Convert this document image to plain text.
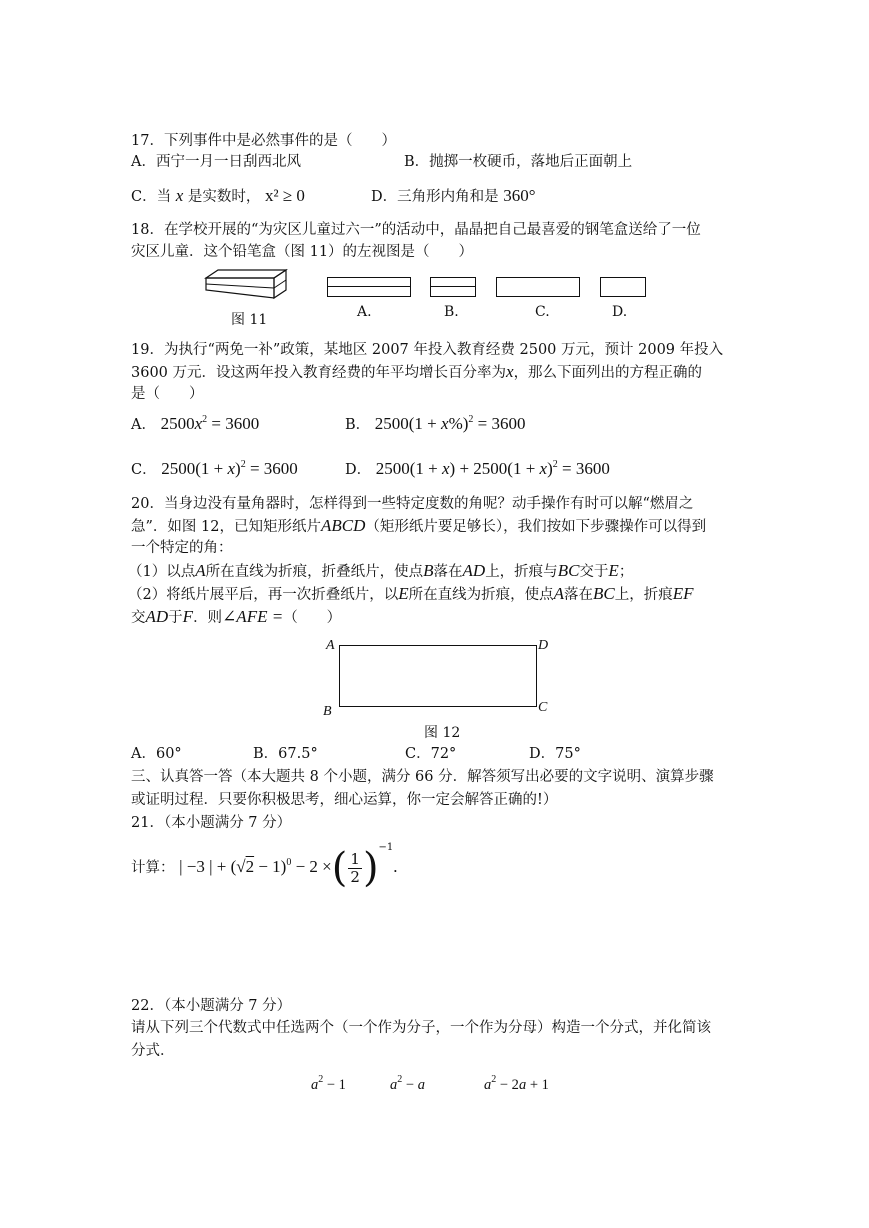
17．下列事件中是必然事件的是（　　）
A．西宁一月一日刮西北风	B．抛掷一枚硬币，落地后正面朝上
C．当 x 是实数时， x² ≥ 0	D．三角形内角和是 360°
18．在学校开展的“为灾区儿童过六一”的活动中，晶晶把自己最喜爱的钢笔盒送给了一位
灾区儿童．这个铅笔盒（图 11）的左视图是（　　）
图 11	A.	B.	C.	D.
19．为执行“两免一补”政策，某地区 2007 年投入教育经费 2500 万元，预计 2009 年投入
3600 万元．设这两年投入教育经费的年平均增长百分率为x，那么下面列出的方程正确的
是（　　）
A． $2500x^2 = 3600$	B． $2500(1 + x\%)^2 = 3600$
C． $2500(1 + x)^2 = 3600$	D． $2500(1 + x) + 2500(1 + x)^2 = 3600$
20．当身边没有量角器时，怎样得到一些特定度数的角呢？动手操作有时可以解“燃眉之
急”．如图 12，已知矩形纸片ABCD（矩形纸片要足够长），我们按如下步骤操作可以得到
一个特定的角：
（1）以点A所在直线为折痕，折叠纸片，使点B落在AD上，折痕与BC交于E；
（2）将纸片展平后，再一次折叠纸片，以E所在直线为折痕，使点A落在BC上，折痕EF
交AD于F．则∠AFE =（　　）
A
B	C
D
图 12
A．60°	B．67.5°	C．72°	D．75°
三、认真答一答（本大题共 8 个小题，满分 66 分．解答须写出必要的文字说明、演算步骤
或证明过程．只要你积极思考，细心运算，你一定会解答正确的!）
21．（本小题满分 7 分）
计算： | −3 | + $(√2 - 1)^0 - 2$ ×( $\frac{1}{2} )^{-1}$.
22．（本小题满分 7 分）
请从下列三个代数式中任选两个（一个作为分子，一个作为分母）构造一个分式，并化简该
分式．
$a^2 - 1$	$a^2 - a$	$a^2 - 2a + 1$
